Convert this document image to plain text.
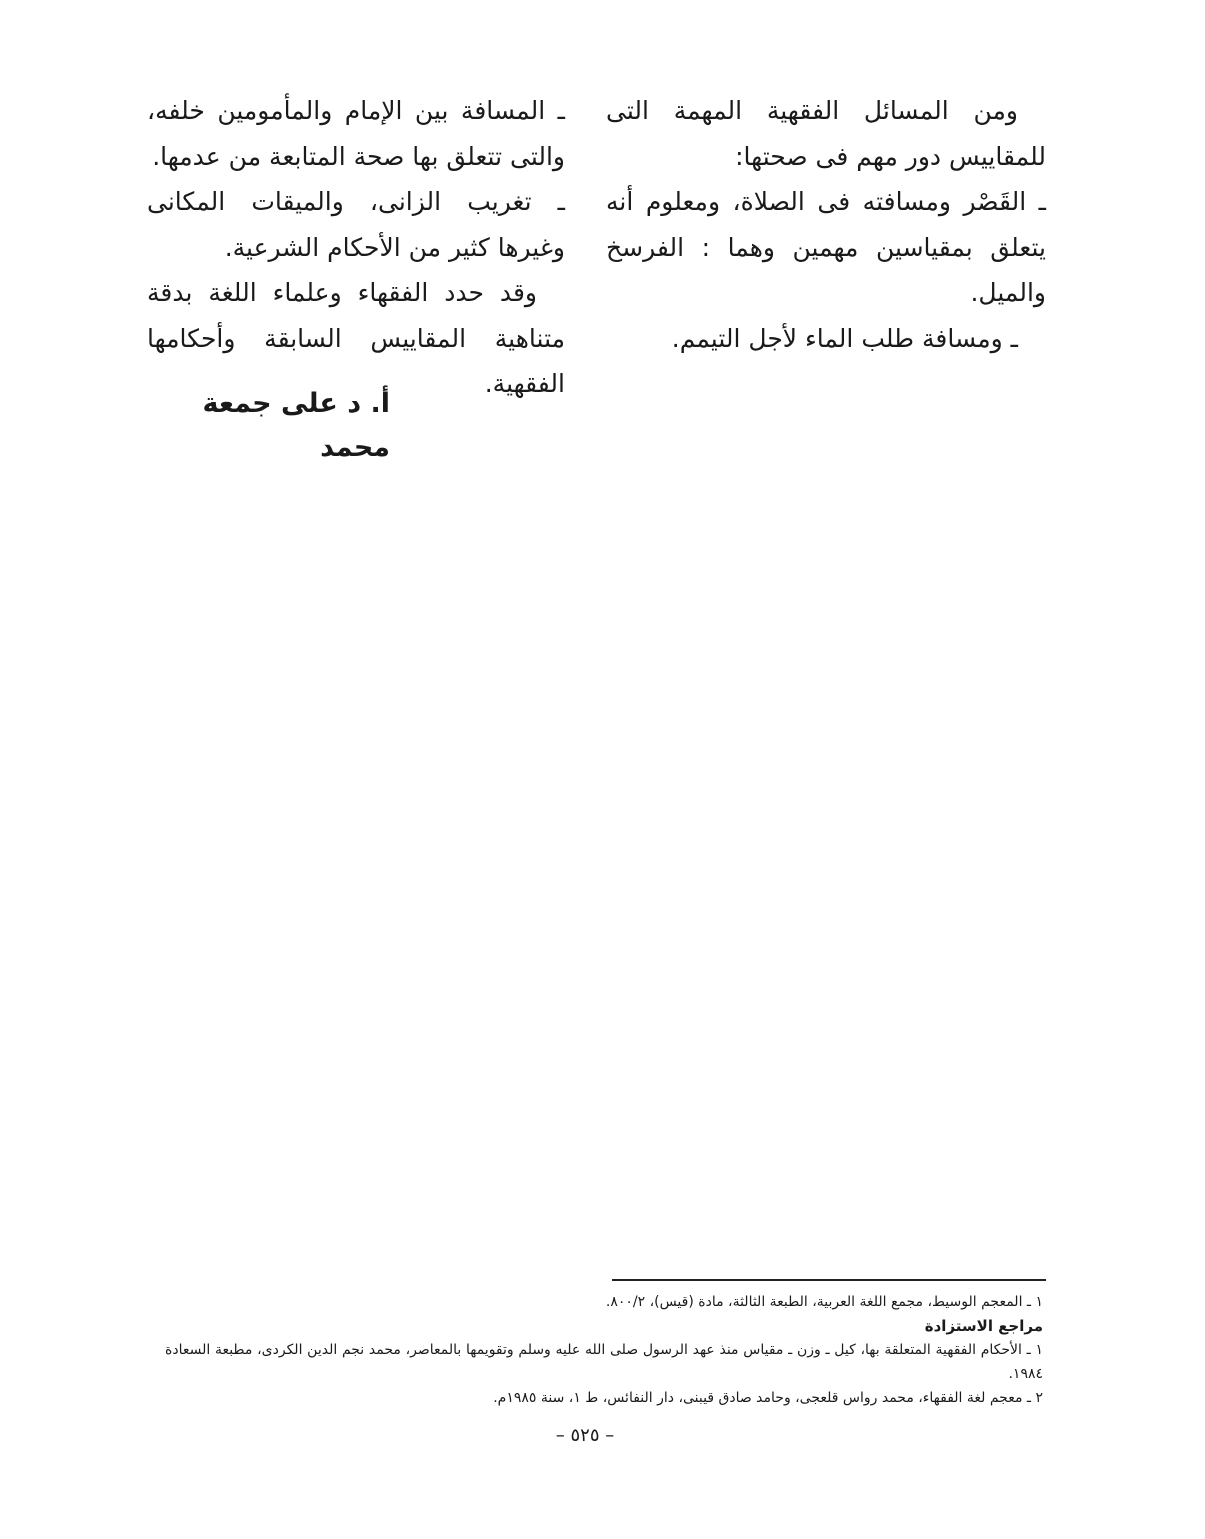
ومن المسائل الفقهية المهمة التى للمقاييس دور مهم فى صحتها:

ـ القَصْر ومسافته فى الصلاة، ومعلوم أنه يتعلق بمقياسين مهمين وهما : الفرسخ والميل.

ـ ومسافة طلب الماء لأجل التيمم.

ـ المسافة بين الإمام والمأمومين خلفه، والتى تتعلق بها صحة المتابعة من عدمها.

ـ تغريب الزانى، والميقات المكانى وغيرها كثير من الأحكام الشرعية.

وقد حدد الفقهاء وعلماء اللغة بدقة متناهية المقاييس السابقة وأحكامها الفقهية.

أ. د على جمعة محمد

١ ـ المعجم الوسيط، مجمع اللغة العربية، الطبعة الثالثة، مادة (قيس)، ٨٠٠/٢.

مراجع الاستزادة

١ ـ الأحكام الفقهية المتعلقة بها، كيل ـ وزن ـ مقياس منذ عهد الرسول صلى الله عليه وسلم وتقويمها بالمعاصر، محمد نجم الدين الكردى، مطبعة السعادة ١٩٨٤.

٢ ـ معجم لغة الفقهاء، محمد رواس قلعجى، وحامد صادق قيبنى، دار النفائس، ط ١، سنة ١٩٨٥م.

– ٥٢٥ –
